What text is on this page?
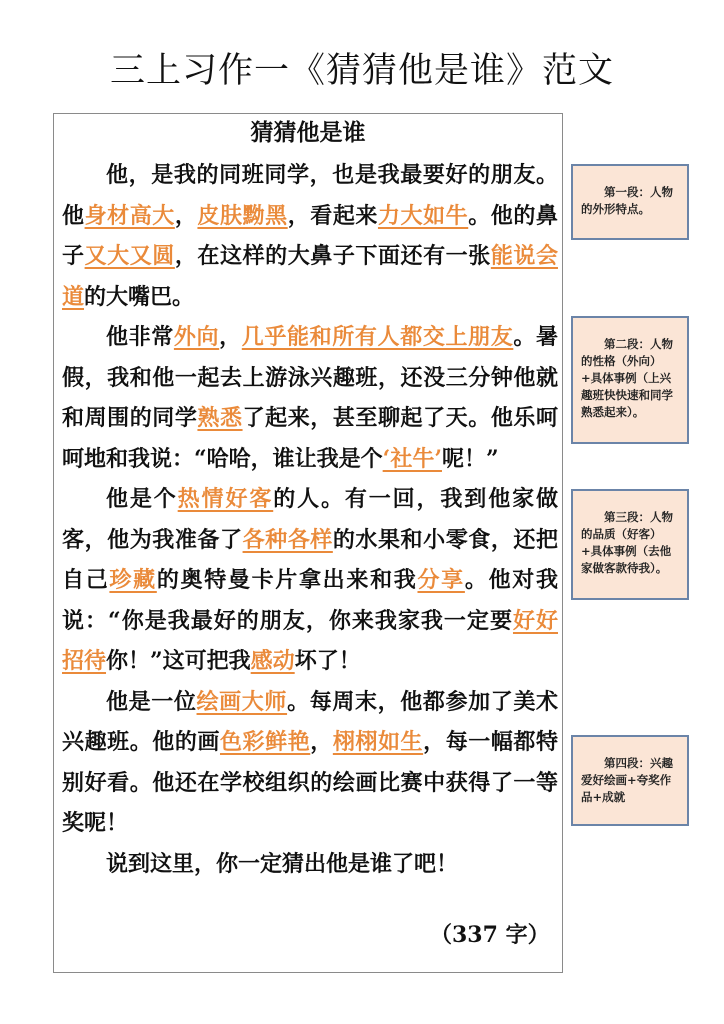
三上习作一《猜猜他是谁》范文
猜猜他是谁

他，是我的同班同学，也是我最要好的朋友。他身材高大，皮肤黝黑，看起来力大如牛。他的鼻子又大又圆，在这样的大鼻子下面还有一张能说会道的大嘴巴。

他非常外向，几乎能和所有人都交上朋友。暑假，我和他一起去上游泳兴趣班，还没三分钟他就和周围的同学熟悉了起来，甚至聊起了天。他乐呵呵地和我说：“哈哈，谁让我是个‘社牛’呢！”

他是个热情好客的人。有一回，我到他家做客，他为我准备了各种各样的水果和小零食，还把自己珍藏的奥特曼卡片拿出来和我分享。他对我说：“你是我最好的朋友，你来我家我一定要好好招待你！”这可把我感动坏了！

他是一位绘画大师。每周末，他都参加了美术兴趣班。他的画色彩鲜艳，栩栩如生，每一幅都特别好看。他还在学校组织的绘画比赛中获得了一等奖呢！

说到这里，你一定猜出他是谁了吧！

（337 字）
第一段：人物的外形特点。
第二段：人物的性格（外向）+具体事例（上兴趣班快快速和同学熟悉起来）。
第三段：人物的品质（好客）+具体事例（去他家做客款待我）。
第四段：兴趣爱好绘画+夸奖作品+成就
